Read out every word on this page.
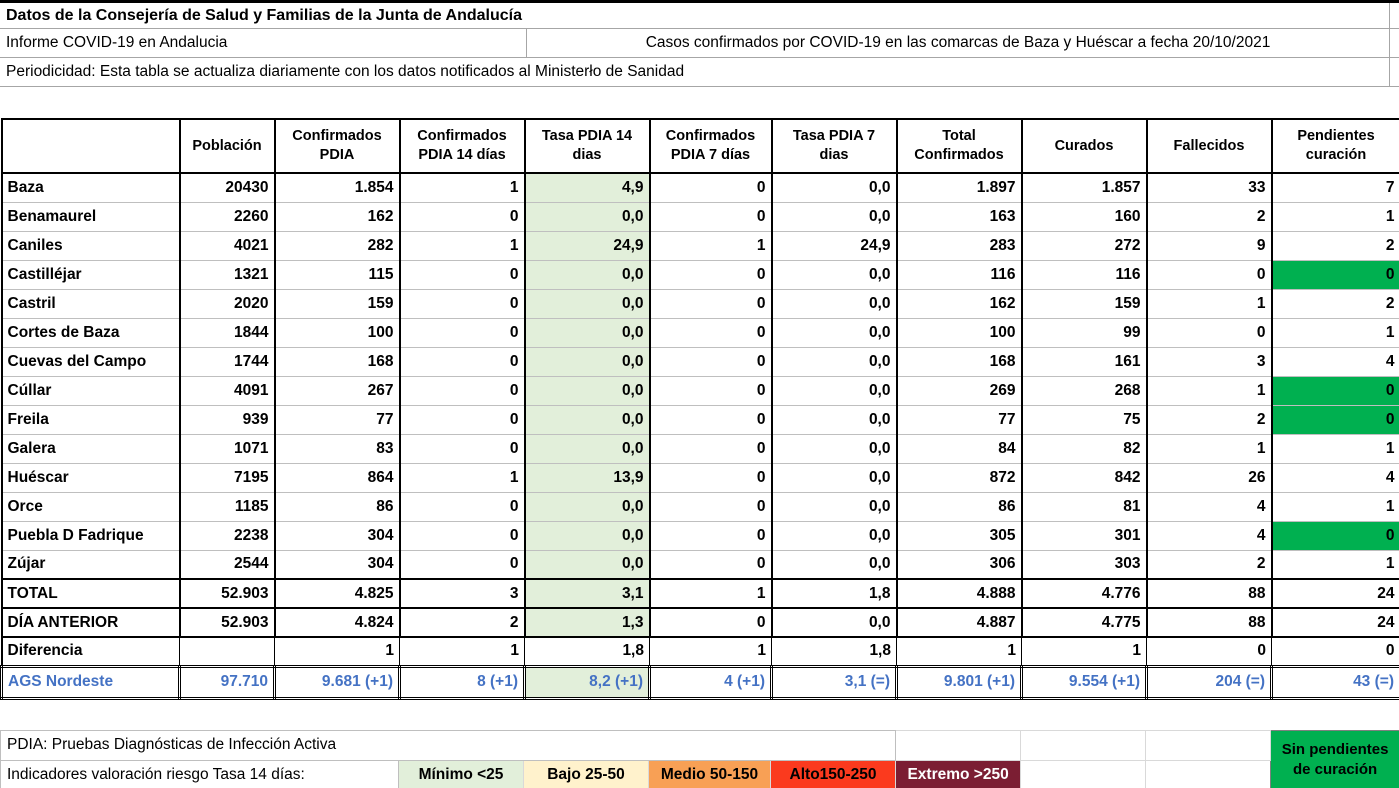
Datos de la Consejería de Salud y Familias de la Junta de Andalucía
Informe COVID-19 en Andalucia	Casos confirmados por COVID-19 en las comarcas de Baza y Huéscar a fecha 20/10/2021
Periodicidad: Esta tabla se actualiza diariamente con los datos notificados al Ministerło de Sanidad
	Población	Confirmados PDIA	Confirmados PDIA 14 días	Tasa PDIA 14 dias	Confirmados PDIA 7 días	Tasa PDIA 7 dias	Total Confirmados	Curados	Fallecidos	Pendientes curación
Baza	20430	1.854	1	4,9	0	0,0	1.897	1.857	33	7
Benamaurel	2260	162	0	0,0	0	0,0	163	160	2	1
Caniles	4021	282	1	24,9	1	24,9	283	272	9	2
Castilléjar	1321	115	0	0,0	0	0,0	116	116	0	0
Castril	2020	159	0	0,0	0	0,0	162	159	1	2
Cortes de Baza	1844	100	0	0,0	0	0,0	100	99	0	1
Cuevas del Campo	1744	168	0	0,0	0	0,0	168	161	3	4
Cúllar	4091	267	0	0,0	0	0,0	269	268	1	0
Freila	939	77	0	0,0	0	0,0	77	75	2	0
Galera	1071	83	0	0,0	0	0,0	84	82	1	1
Huéscar	7195	864	1	13,9	0	0,0	872	842	26	4
Orce	1185	86	0	0,0	0	0,0	86	81	4	1
Puebla D Fadrique	2238	304	0	0,0	0	0,0	305	301	4	0
Zújar	2544	304	0	0,0	0	0,0	306	303	2	1
TOTAL	52.903	4.825	3	3,1	1	1,8	4.888	4.776	88	24
DÍA ANTERIOR	52.903	4.824	2	1,3	0	0,0	4.887	4.775	88	24
Diferencia		1	1	1,8	1	1,8	1	1	0	0
AGS Nordeste	97.710	9.681 (+1)	8 (+1)	8,2 (+1)	4 (+1)	3,1 (=)	9.801 (+1)	9.554 (+1)	204 (=)	43 (=)
PDIA: Pruebas Diagnósticas de Infección Activa								Sin pendientes de curación
Indicadores valoración riesgo Tasa 14 días:	Mínimo <25	Bajo 25-50	Medio 50-150	Alto150-250	Extremo >250			
